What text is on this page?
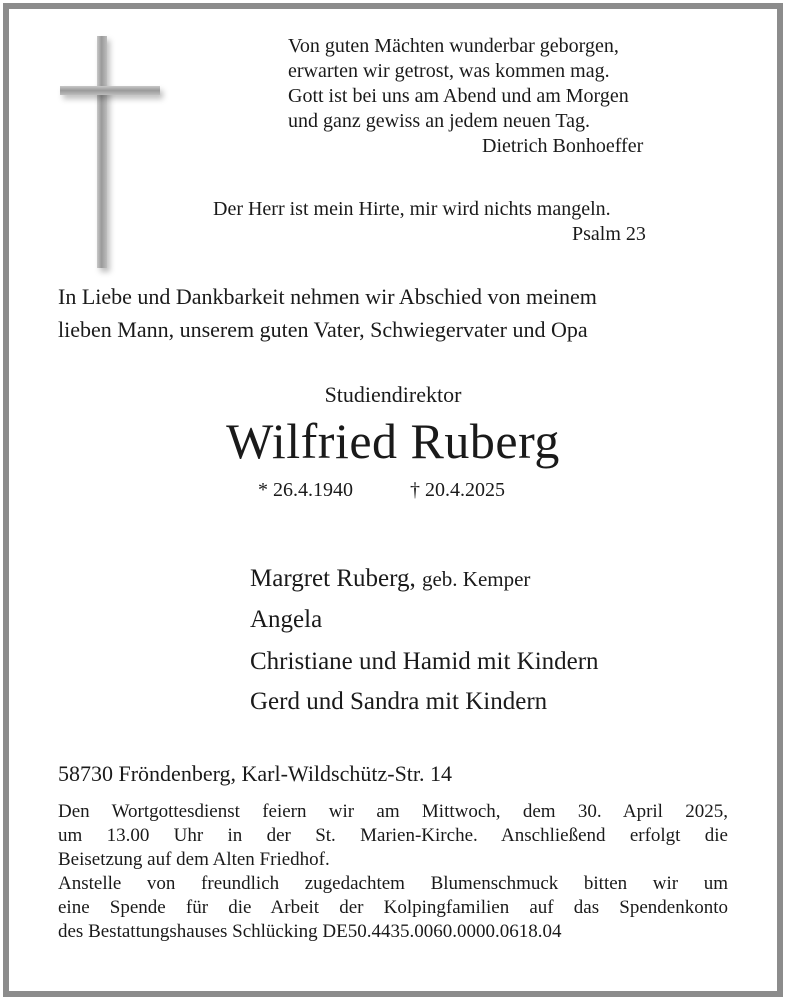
Von guten Mächten wunderbar geborgen,
erwarten wir getrost, was kommen mag.
Gott ist bei uns am Abend und am Morgen
und ganz gewiss an jedem neuen Tag.
Dietrich Bonhoeffer
Der Herr ist mein Hirte, mir wird nichts mangeln.
Psalm 23
In Liebe und Dankbarkeit nehmen wir Abschied von meinem
lieben Mann, unserem guten Vater, Schwiegervater und Opa
Studiendirektor
Wilfried Ruberg
* 26.4.1940	† 20.4.2025
Margret Ruberg, geb. Kemper
Angela
Christiane und Hamid mit Kindern
Gerd und Sandra mit Kindern
58730 Fröndenberg, Karl-Wildschütz-Str. 14
Den Wortgottesdienst feiern wir am Mittwoch, dem 30. April 2025,
um 13.00 Uhr in der St. Marien-Kirche. Anschließend erfolgt die
Beisetzung auf dem Alten Friedhof.
Anstelle von freundlich zugedachtem Blumenschmuck bitten wir um
eine Spende für die Arbeit der Kolpingfamilien auf das Spendenkonto
des Bestattungshauses Schlücking DE50.4435.0060.0000.0618.04
